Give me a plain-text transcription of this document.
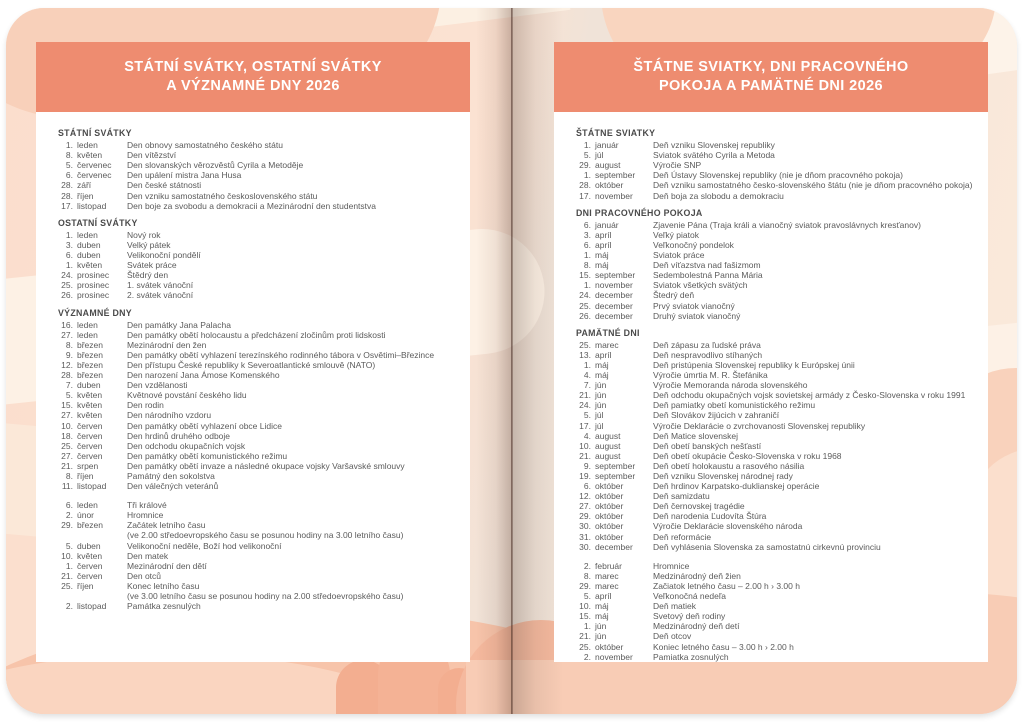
STÁTNÍ SVÁTKY, OSTATNÍ SVÁTKY
A VÝZNAMNÉ DNY 2026
STÁTNÍ SVÁTKY
1. leden	Den obnovy samostatného českého státu
8. květen	Den vítězství
5. červenec	Den slovanských věrozvěstů Cyrila a Metoděje
6. červenec	Den upálení mistra Jana Husa
28. září	Den české státnosti
28. říjen	Den vzniku samostatného československého státu
17. listopad	Den boje za svobodu a demokracii a Mezinárodní den studentstva
OSTATNÍ SVÁTKY
1. leden	Nový rok
3. duben	Velký pátek
6. duben	Velikonoční pondělí
1. květen	Svátek práce
24. prosinec	Štědrý den
25. prosinec	1. svátek vánoční
26. prosinec	2. svátek vánoční
VÝZNAMNÉ DNY
16. leden	Den památky Jana Palacha
27. leden	Den památky obětí holocaustu a předcházení zločinům proti lidskosti
8. březen	Mezinárodní den žen
9. březen	Den památky obětí vyhlazení terezínského rodinného tábora v Osvětimi–Březince
12. březen	Den přístupu České republiky k Severoatlantické smlouvě (NATO)
28. březen	Den narození Jana Ámose Komenského
7. duben	Den vzdělanosti
5. květen	Květnové povstání českého lidu
15. květen	Den rodin
27. květen	Den národního vzdoru
10. červen	Den památky obětí vyhlazení obce Lidice
18. červen	Den hrdinů druhého odboje
25. červen	Den odchodu okupačních vojsk
27. červen	Den památky obětí komunistického režimu
21. srpen	Den památky obětí invaze a následné okupace vojsky Varšavské smlouvy
8. říjen	Památný den sokolstva
11. listopad	Den válečných veteránů
6. leden	Tři králové
2. únor	Hromnice
29. březen	Začátek letního času
(ve 2.00 středoevropského času se posunou hodiny na 3.00 letního času)
5. duben	Velikonoční neděle, Boží hod velikonoční
10. květen	Den matek
1. červen	Mezinárodní den dětí
21. červen	Den otců
25. říjen	Konec letního času
(ve 3.00 letního času se posunou hodiny na 2.00 středoevropského času)
2. listopad	Památka zesnulých
ŠTÁTNE SVIATKY, DNI PRACOVNÉHO
POKOJA A PAMÄTNÉ DNI 2026
ŠTÁTNE SVIATKY
1. január	Deň vzniku Slovenskej republiky
5. júl	Sviatok svätého Cyrila a Metoda
29. august	Výročie SNP
1. september	Deň Ústavy Slovenskej republiky (nie je dňom pracovného pokoja)
28. október	Deň vzniku samostatného česko-slovenského štátu (nie je dňom pracovného pokoja)
17. november	Deň boja za slobodu a demokraciu
DNI PRACOVNÉHO POKOJA
6. január	Zjavenie Pána (Traja králi a vianočný sviatok pravoslávnych kresťanov)
3. apríl	Veľký piatok
6. apríl	Veľkonočný pondelok
1. máj	Sviatok práce
8. máj	Deň víťazstva nad fašizmom
15. september	Sedembolestná Panna Mária
1. november	Sviatok všetkých svätých
24. december	Štedrý deň
25. december	Prvý sviatok vianočný
26. december	Druhý sviatok vianočný
PAMÄTNÉ DNI
25. marec	Deň zápasu za ľudské práva
13. apríl	Deň nespravodlivo stíhaných
1. máj	Deň pristúpenia Slovenskej republiky k Európskej únii
4. máj	Výročie úmrtia M. R. Štefánika
7. jún	Výročie Memoranda národa slovenského
21. jún	Deň odchodu okupačných vojsk sovietskej armády z Česko-Slovenska v roku 1991
24. jún	Deň pamiatky obetí komunistického režimu
5. júl	Deň Slovákov žijúcich v zahraničí
17. júl	Výročie Deklarácie o zvrchovanosti Slovenskej republiky
4. august	Deň Matice slovenskej
10. august	Deň obetí banských nešťastí
21. august	Deň obetí okupácie Česko-Slovenska v roku 1968
9. september	Deň obetí holokaustu a rasového násilia
19. september	Deň vzniku Slovenskej národnej rady
6. október	Deň hrdinov Karpatsko-duklianskej operácie
12. október	Deň samizdatu
27. október	Deň černovskej tragédie
29. október	Deň narodenia Ľudovíta Štúra
30. október	Výročie Deklarácie slovenského národa
31. október	Deň reformácie
30. december	Deň vyhlásenia Slovenska za samostatnú cirkevnú provinciu
2. február	Hromnice
8. marec	Medzinárodný deň žien
29. marec	Začiatok letného času – 2.00 h › 3.00 h
5. apríl	Veľkonočná nedeľa
10. máj	Deň matiek
15. máj	Svetový deň rodiny
1. jún	Medzinárodný deň detí
21. jún	Deň otcov
25. október	Koniec letného času – 3.00 h › 2.00 h
2. november	Pamiatka zosnulých
